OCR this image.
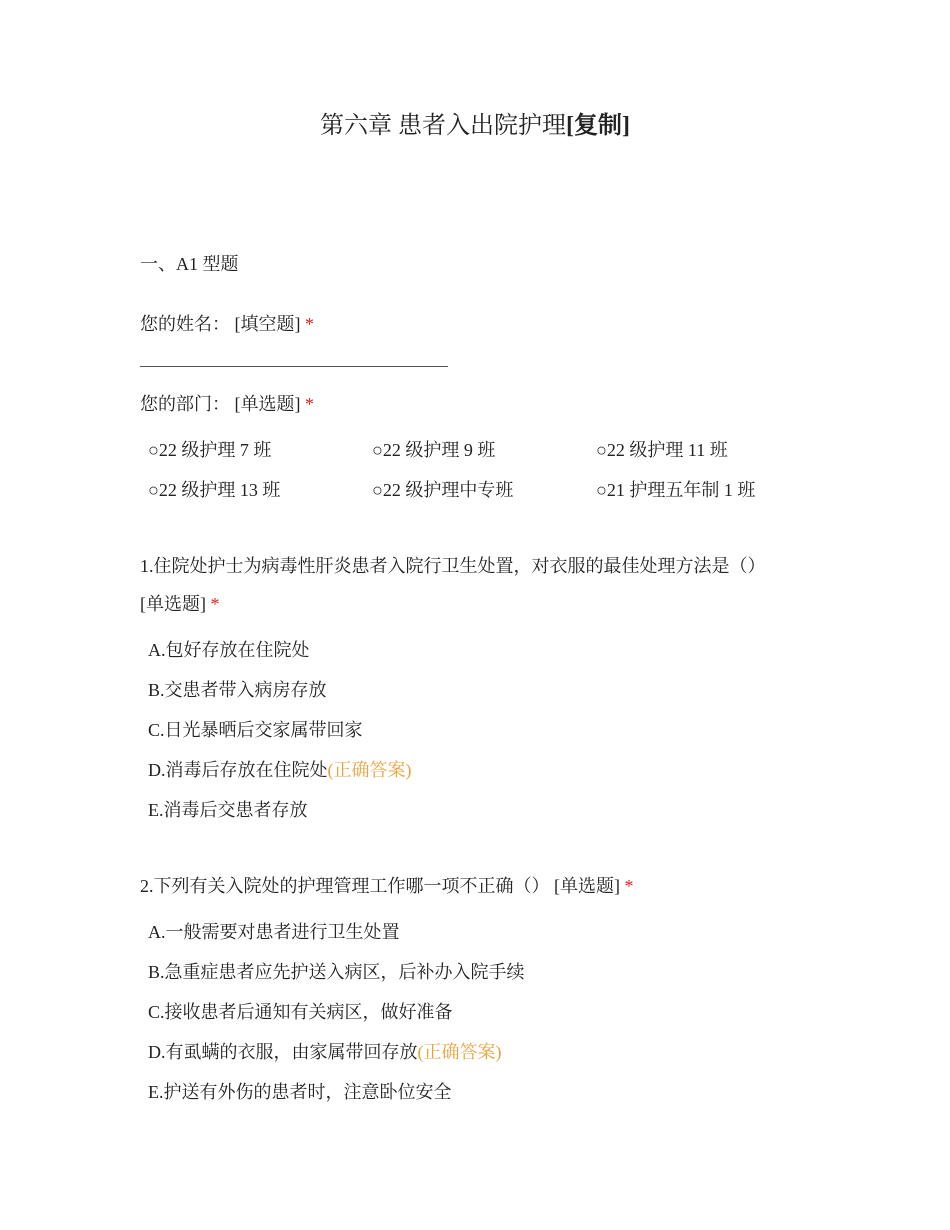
第六章 患者入出院护理[复制]
一、A1 型题
您的姓名： [填空题] *
您的部门： [单选题] *
○22 级护理 7 班	○22 级护理 9 班	○22 级护理 11 班
○22 级护理 13 班	○22 级护理中专班	○21 护理五年制 1 班
1.住院处护士为病毒性肝炎患者入院行卫生处置，对衣服的最佳处理方法是（）
[单选题] *
A.包好存放在住院处
B.交患者带入病房存放
C.日光暴晒后交家属带回家
D.消毒后存放在住院处(正确答案)
E.消毒后交患者存放
2.下列有关入院处的护理管理工作哪一项不正确（） [单选题] *
A.一般需要对患者进行卫生处置
B.急重症患者应先护送入病区，后补办入院手续
C.接收患者后通知有关病区，做好准备
D.有虱螨的衣服，由家属带回存放(正确答案)
E.护送有外伤的患者时，注意卧位安全
